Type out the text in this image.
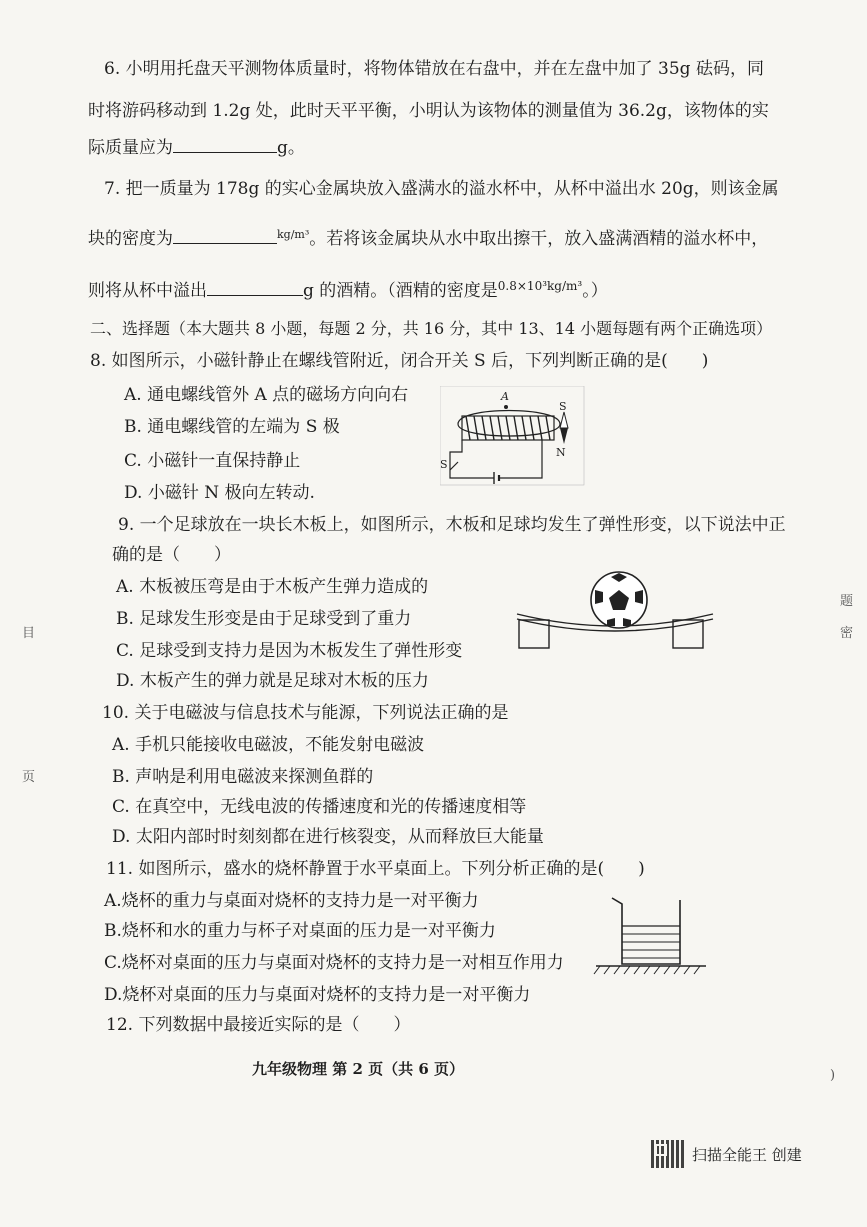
6. 小明用托盘天平测物体质量时，将物体错放在右盘中，并在左盘中加了 35g 砝码，同
时将游码移动到 1.2g 处，此时天平平衡，小明认为该物体的测量值为 36.2g，该物体的实
际质量应为	g。
7. 把一质量为 178g 的实心金属块放入盛满水的溢水杯中，从杯中溢出水 20g，则该金属
块的密度为	$^{kg/m^3}$。若将该金属块从水中取出擦干，放入盛满酒精的溢水杯中，
则将从杯中溢出	g 的酒精。（酒精的密度是$^{0.8\times 10^3kg/m^3}$。）
二、选择题（本大题共 8 小题，每题 2 分，共 16 分，其中 13、14 小题每题有两个正确选项）
8. 如图所示，小磁针静止在螺线管附近，闭合开关 S 后，下列判断正确的是(　　)
A. 通电螺线管外 A 点的磁场方向向右
B. 通电螺线管的左端为 S 极
C. 小磁针一直保持静止
D. 小磁针 N 极向左转动.
A
S
N
S
9. 一个足球放在一块长木板上，如图所示，木板和足球均发生了弹性形变，以下说法中正
确的是（　　）
A. 木板被压弯是由于木板产生弹力造成的
B. 足球发生形变是由于足球受到了重力
C. 足球受到支持力是因为木板发生了弹性形变
D. 木板产生的弹力就是足球对木板的压力
10. 关于电磁波与信息技术与能源，下列说法正确的是
A. 手机只能接收电磁波，不能发射电磁波
B. 声呐是利用电磁波来探测鱼群的
C. 在真空中，无线电波的传播速度和光的传播速度相等
D. 太阳内部时时刻刻都在进行核裂变，从而释放巨大能量
11. 如图所示，盛水的烧杯静置于水平桌面上。下列分析正确的是(　　)
A.烧杯的重力与桌面对烧杯的支持力是一对平衡力
B.烧杯和水的重力与杯子对桌面的压力是一对平衡力
C.烧杯对桌面的压力与桌面对烧杯的支持力是一对相互作用力
D.烧杯对桌面的压力与桌面对烧杯的支持力是一对平衡力
12. 下列数据中最接近实际的是（　　）
九年级物理 第 2 页（共 6 页）
目
页
题
密
)
扫描全能王 创建
